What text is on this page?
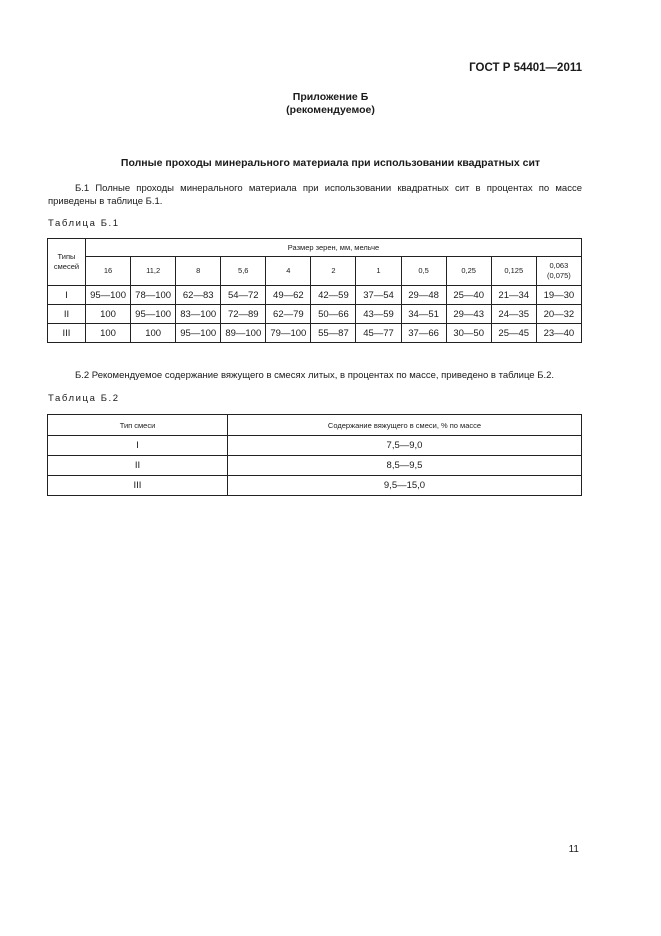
ГОСТ Р 54401—2011
Приложение Б
(рекомендуемое)
Полные проходы минерального материала при использовании квадратных сит
Б.1 Полные проходы минерального материала при использовании квадратных сит в процентах по массе приведены в таблице Б.1.
Таблица Б.1
Типы смесей	Размер зерен, мм, мельче										
	16	11,2	8	5,6	4	2	1	0,5	0,25	0,125	0,063 (0,075)
I	95—100	78—100	62—83	54—72	49—62	42—59	37—54	29—48	25—40	21—34	19—30
II	100	95—100	83—100	72—89	62—79	50—66	43—59	34—51	29—43	24—35	20—32
III	100	100	95—100	89—100	79—100	55—87	45—77	37—66	30—50	25—45	23—40
Б.2 Рекомендуемое содержание вяжущего в смесях литых, в процентах по массе, приведено в таблице Б.2.
Таблица Б.2
Тип смеси	Содержание вяжущего в смеси, % по массе
I	7,5—9,0
II	8,5—9,5
III	9,5—15,0
11
